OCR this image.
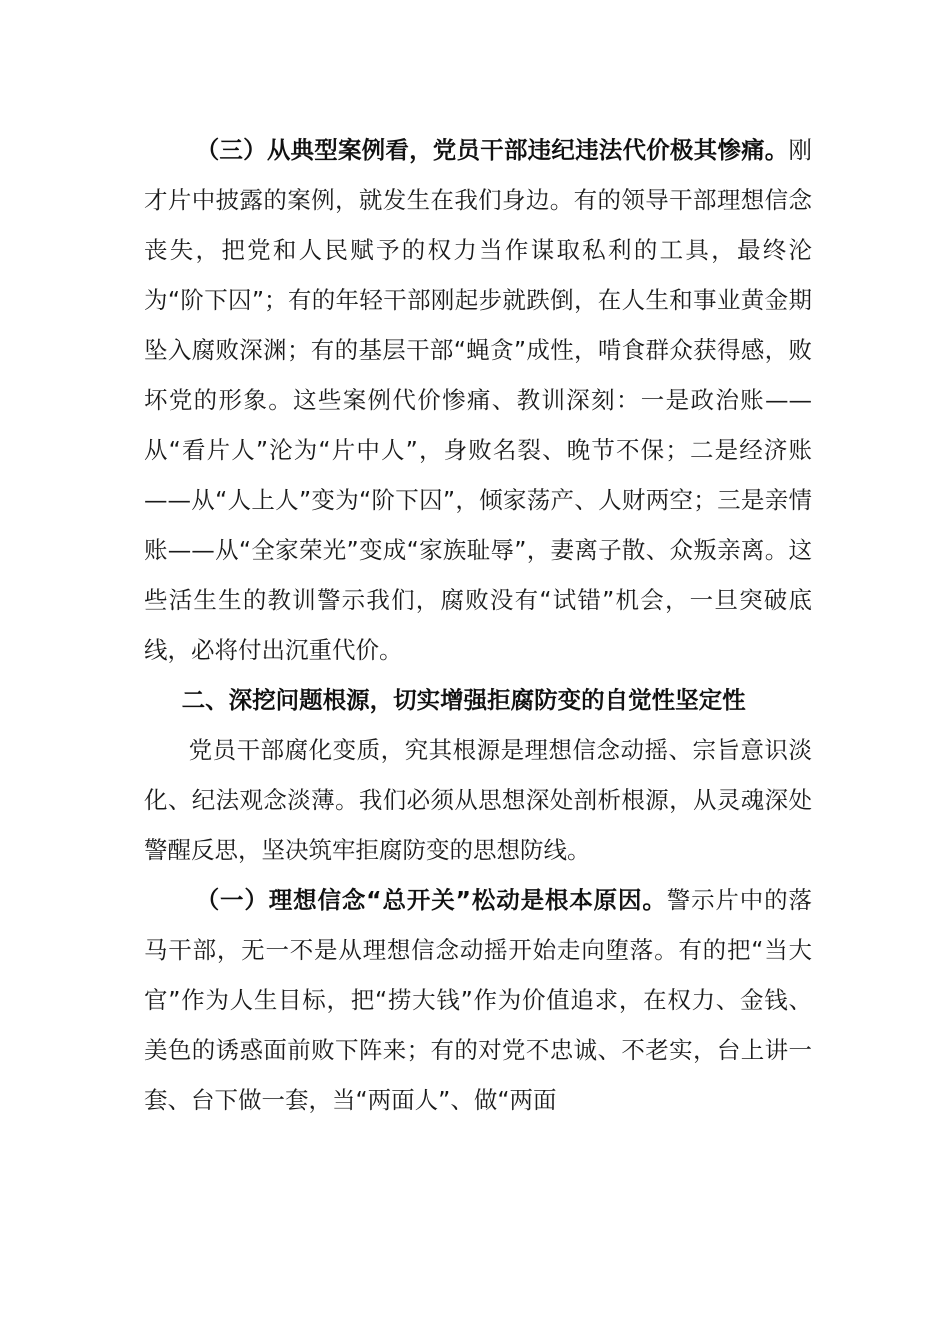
（三）从典型案例看，党员干部违纪违法代价极其惨痛。刚才片中披露的案例，就发生在我们身边。有的领导干部理想信念丧失，把党和人民赋予的权力当作谋取私利的工具，最终沦为“阶下囚”；有的年轻干部刚起步就跌倒，在人生和事业黄金期坠入腐败深渊；有的基层干部“蝇贪”成性，啃食群众获得感，败坏党的形象。这些案例代价惨痛、教训深刻：一是政治账——从“看片人”沦为“片中人”，身败名裂、晚节不保；二是经济账——从“人上人”变为“阶下囚”，倾家荡产、人财两空；三是亲情账——从“全家荣光”变成“家族耻辱”，妻离子散、众叛亲离。这些活生生的教训警示我们，腐败没有“试错”机会，一旦突破底线，必将付出沉重代价。

二、深挖问题根源，切实增强拒腐防变的自觉性坚定性

党员干部腐化变质，究其根源是理想信念动摇、宗旨意识淡化、纪法观念淡薄。我们必须从思想深处剖析根源，从灵魂深处警醒反思，坚决筑牢拒腐防变的思想防线。

（一）理想信念“总开关”松动是根本原因。警示片中的落马干部，无一不是从理想信念动摇开始走向堕落。有的把“当大官”作为人生目标，把“捞大钱”作为价值追求，在权力、金钱、美色的诱惑面前败下阵来；有的对党不忠诚、不老实，台上讲一套、台下做一套，当“两面人”、做“两面
